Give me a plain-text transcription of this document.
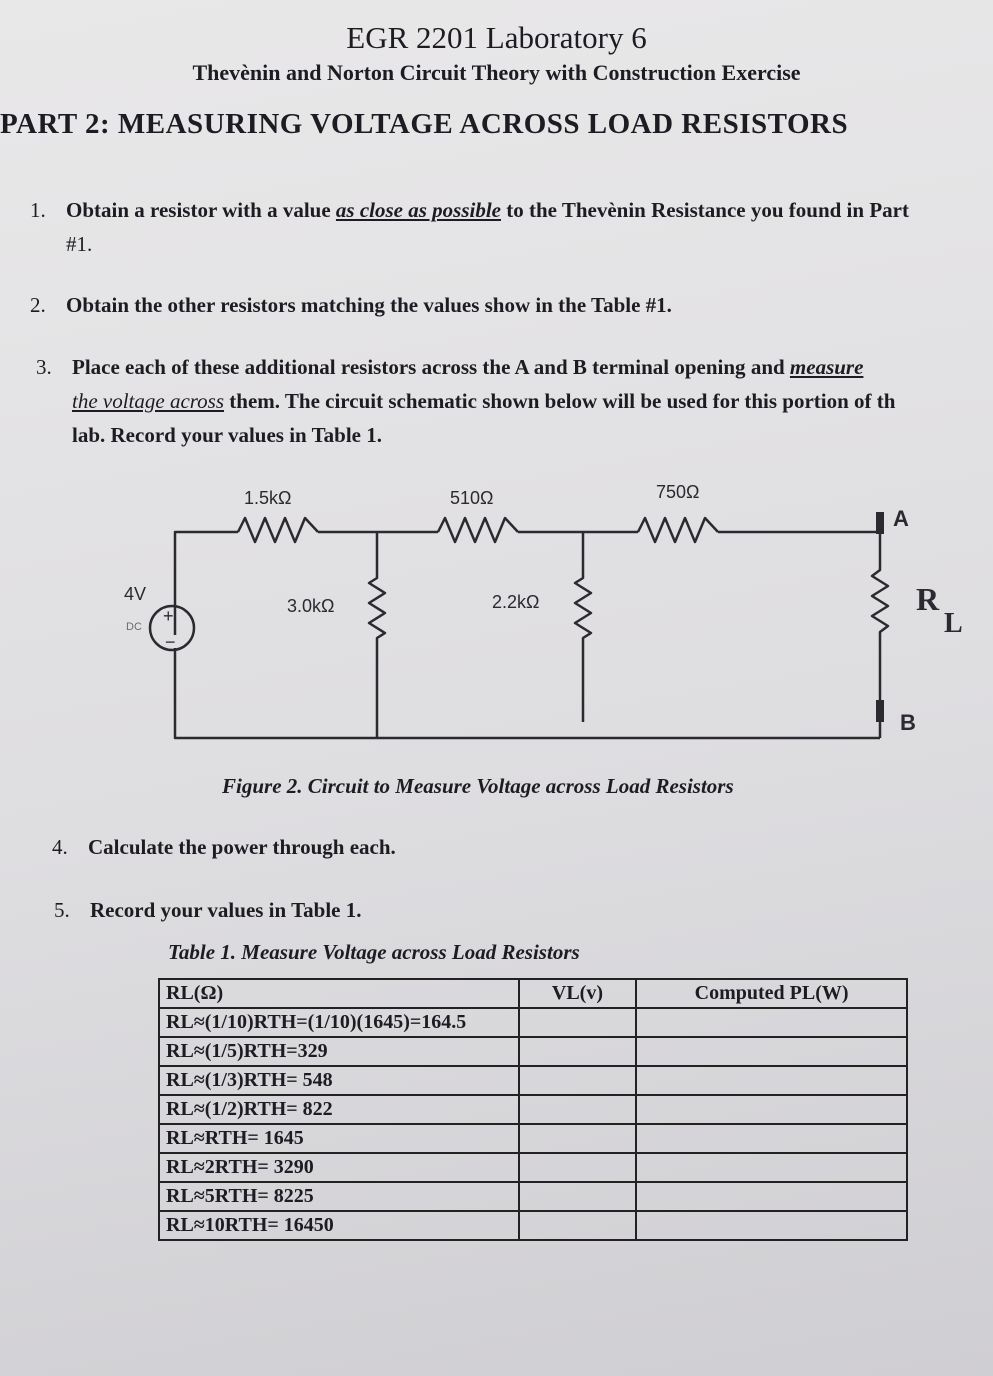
EGR 2201 Laboratory 6
Thevènin and Norton Circuit Theory with Construction Exercise
PART 2: MEASURING VOLTAGE ACROSS LOAD RESISTORS
1. Obtain a resistor with a value as close as possible to the Thevènin Resistance you found in Part
#1.
2. Obtain the other resistors matching the values show in the Table #1.
3. Place each of these additional resistors across the A and B terminal opening and measure
the voltage across them. The circuit schematic shown below will be used for this portion of th
lab. Record your values in Table 1.
+
−
1.5kΩ	510Ω	750Ω
3.0kΩ	2.2kΩ
4V
DC
A
B
R
L
Figure 2. Circuit to Measure Voltage across Load Resistors
4. Calculate the power through each.
5. Record your values in Table 1.
Table 1. Measure Voltage across Load Resistors
RL(Ω)	VL(v)	Computed PL(W)
RL≈(1/10)RTH=(1/10)(1645)=164.5		
RL≈(1/5)RTH=329		
RL≈(1/3)RTH= 548		
RL≈(1/2)RTH= 822		
RL≈RTH= 1645		
RL≈2RTH= 3290		
RL≈5RTH= 8225		
RL≈10RTH= 16450		
